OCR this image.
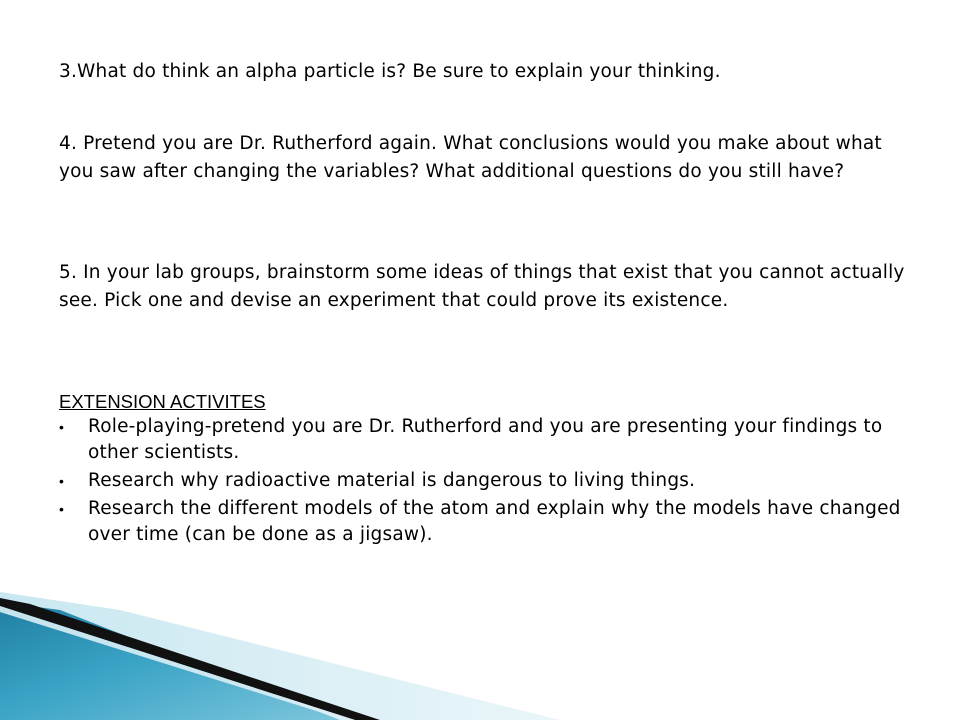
3.What do think an alpha particle is? Be sure to explain your thinking.
4. Pretend you are Dr. Rutherford again. What conclusions would you make about what you saw after changing the variables? What additional questions do you still have?
5. In your lab groups, brainstorm some ideas of things that exist that you cannot actually see. Pick one and devise an experiment that could prove its existence.
EXTENSION ACTIVITES
• Role-playing-pretend you are Dr. Rutherford and you are presenting your findings to other scientists.
• Research why radioactive material is dangerous to living things.
• Research the different models of the atom and explain why the models have changed over time (can be done as a jigsaw).
